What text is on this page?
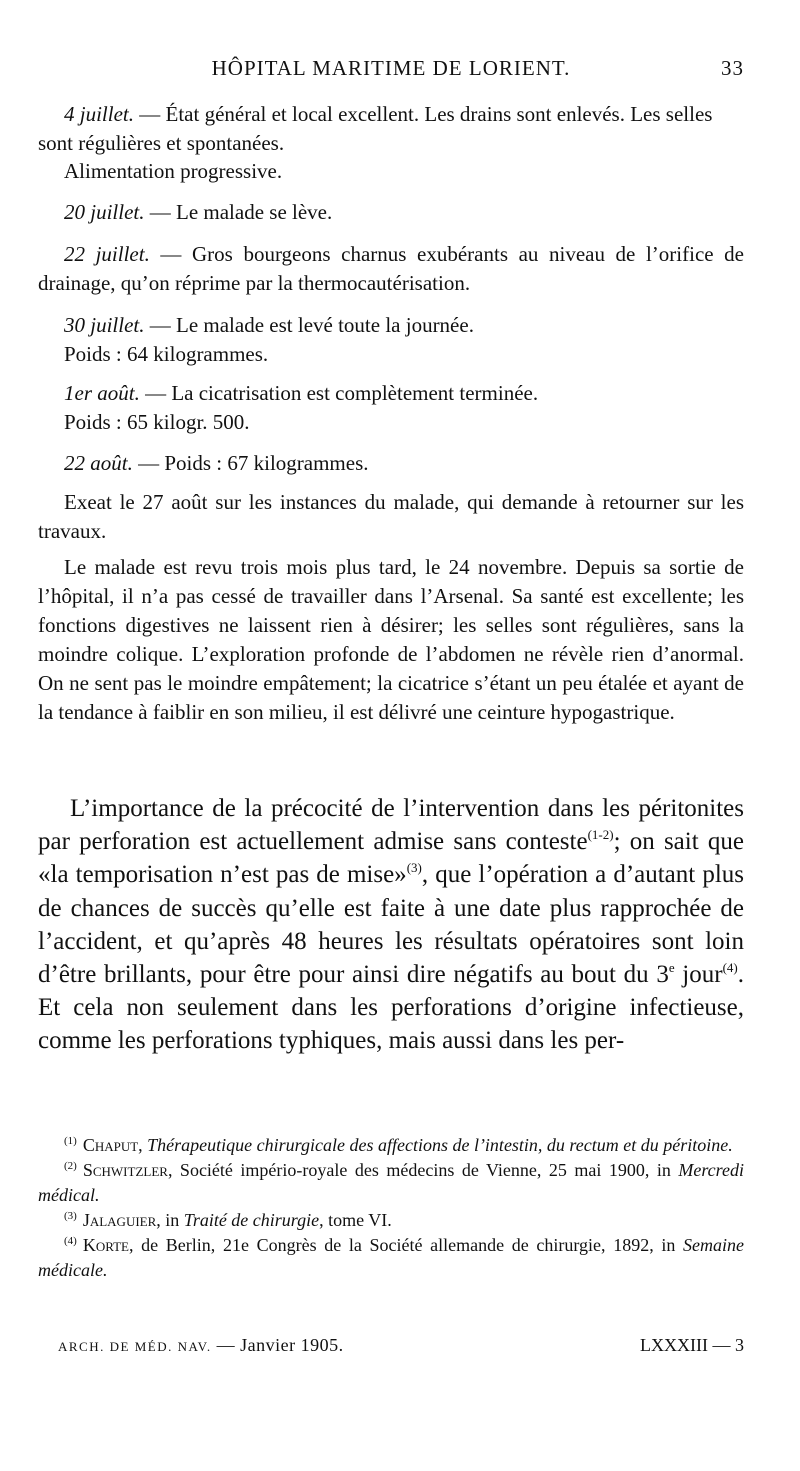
HÔPITAL MARITIME DE LORIENT.	33
4 juillet. — État général et local excellent. Les drains sont enlevés. Les selles sont régulières et spontanées.
Alimentation progressive.
20 juillet. — Le malade se lève.
22 juillet. — Gros bourgeons charnus exubérants au niveau de l’orifice de drainage, qu’on réprime par la thermocautérisation.
30 juillet. — Le malade est levé toute la journée.
Poids : 64 kilogrammes.
1er août. — La cicatrisation est complètement terminée.
Poids : 65 kilogr. 500.
22 août. — Poids : 67 kilogrammes.
Exeat le 27 août sur les instances du malade, qui demande à retourner sur les travaux.
Le malade est revu trois mois plus tard, le 24 novembre. Depuis sa sortie de l’hôpital, il n’a pas cessé de travailler dans l’Arsenal. Sa santé est excellente; les fonctions digestives ne laissent rien à désirer; les selles sont régulières, sans la moindre colique. L’exploration profonde de l’abdomen ne révèle rien d’anormal. On ne sent pas le moindre empâtement; la cicatrice s’étant un peu étalée et ayant de la tendance à faiblir en son milieu, il est délivré une ceinture hypogastrique.
L’importance de la précocité de l’intervention dans les péritonites par perforation est actuellement admise sans conteste$^{(1-2)}$; on sait que «la temporisation n’est pas de mise»$^{(3)}$, que l’opération a d’autant plus de chances de succès qu’elle est faite à une date plus rapprochée de l’accident, et qu’après 48 heures les résultats opératoires sont loin d’être brillants, pour être pour ainsi dire négatifs au bout du 3e jour$^{(4)}$. Et cela non seulement dans les perforations d’origine infectieuse, comme les perforations typhiques, mais aussi dans les per-
$^{(1)}$ Chaput, Thérapeutique chirurgicale des affections de l’intestin, du rectum et du péritoine.
$^{(2)}$ Schwitzler, Société império-royale des médecins de Vienne, 25 mai 1900, in Mercredi médical.
$^{(3)}$ Jalaguier, in Traité de chirurgie, tome VI.
$^{(4)}$ Korte, de Berlin, 21e Congrès de la Société allemande de chirurgie, 1892, in Semaine médicale.
ARCH. DE MÉD. NAV. — Janvier 1905.	LXXXIII — 3
